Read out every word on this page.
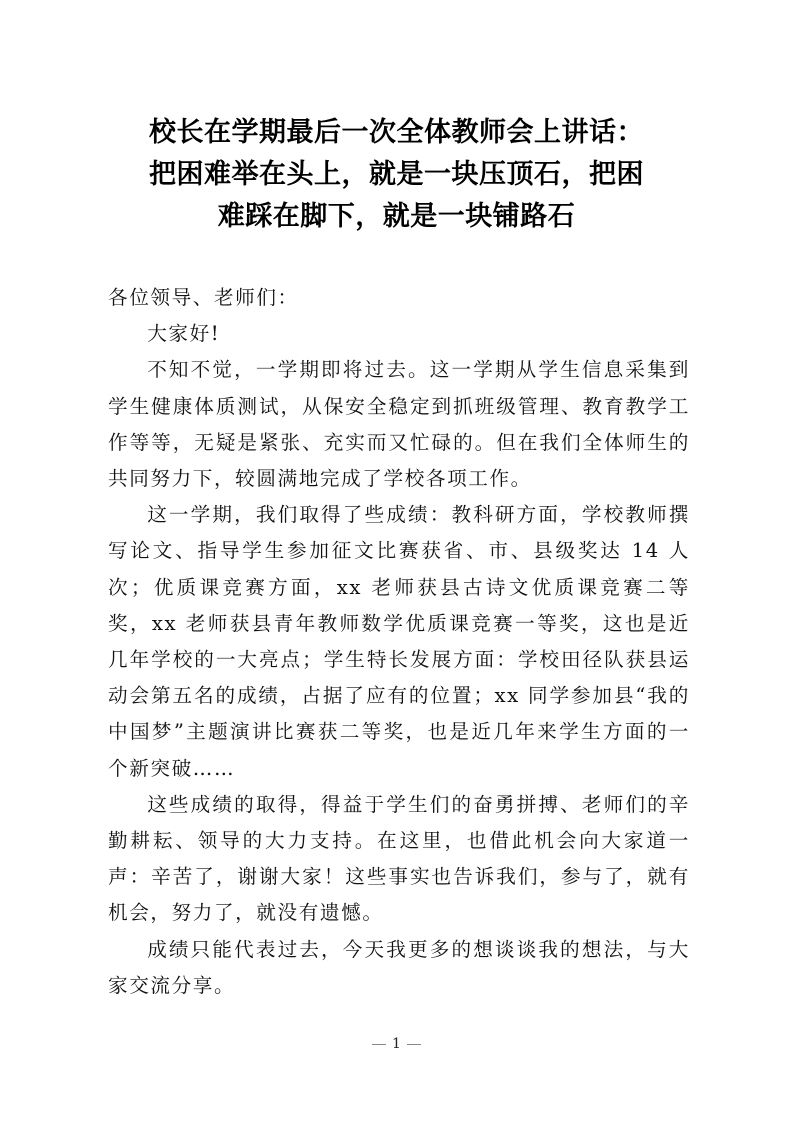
校长在学期最后一次全体教师会上讲话：
把困难举在头上，就是一块压顶石，把困
难踩在脚下，就是一块铺路石

各位领导、老师们：

大家好!

不知不觉，一学期即将过去。这一学期从学生信息采集到学生健康体质测试，从保安全稳定到抓班级管理、教育教学工作等等，无疑是紧张、充实而又忙碌的。但在我们全体师生的共同努力下，较圆满地完成了学校各项工作。

这一学期，我们取得了些成绩：教科研方面，学校教师撰写论文、指导学生参加征文比赛获省、市、县级奖达 14 人次；优质课竞赛方面，xx 老师获县古诗文优质课竞赛二等奖，xx 老师获县青年教师数学优质课竞赛一等奖，这也是近几年学校的一大亮点；学生特长发展方面：学校田径队获县运动会第五名的成绩，占据了应有的位置；xx 同学参加县“我的中国梦”主题演讲比赛获二等奖，也是近几年来学生方面的一个新突破……

这些成绩的取得，得益于学生们的奋勇拼搏、老师们的辛勤耕耘、领导的大力支持。在这里，也借此机会向大家道一声：辛苦了，谢谢大家！这些事实也告诉我们，参与了，就有机会，努力了，就没有遗憾。

成绩只能代表过去，今天我更多的想谈谈我的想法，与大家交流分享。

1
